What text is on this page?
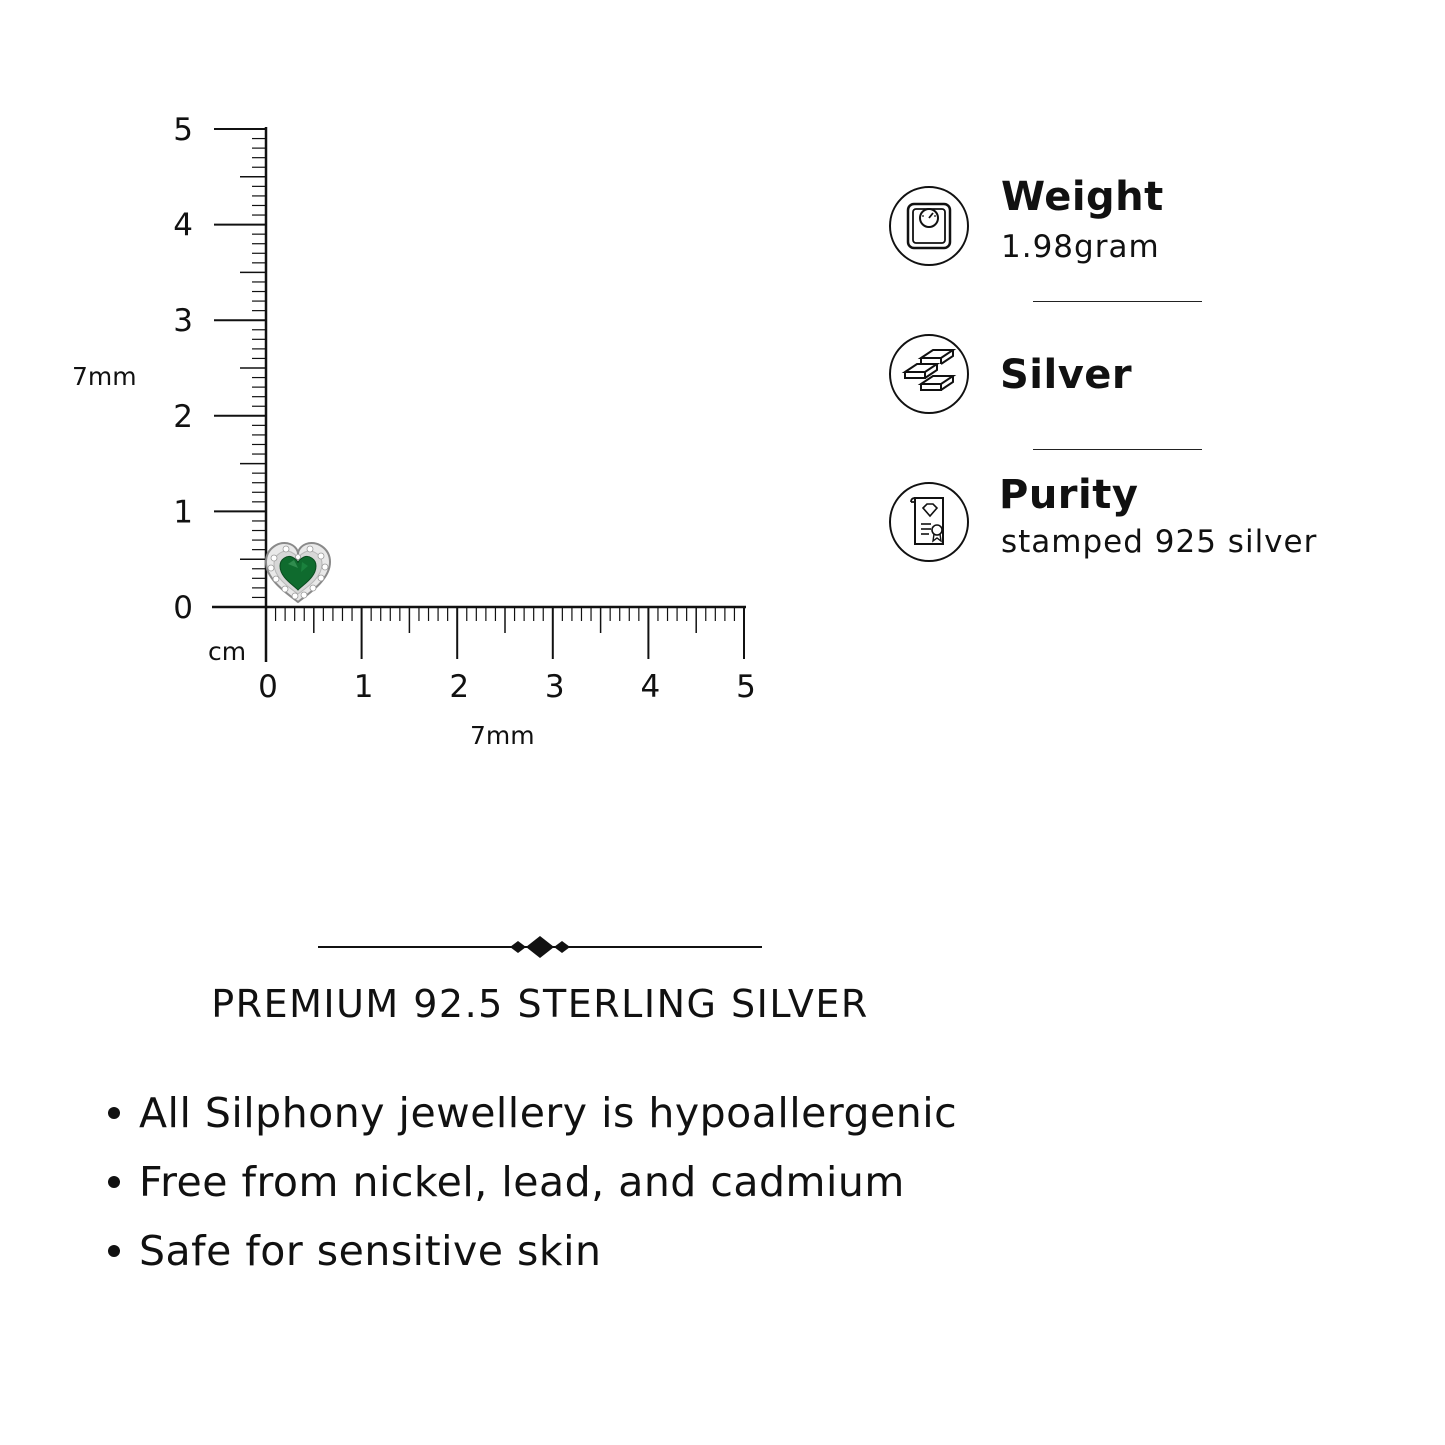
0
1
2
3
4
5
0 1 2 3 4 5
7mm
cm
7mm
Weight
1.98gram
Silver
Purity
stamped 925 silver
PREMIUM 92.5 STERLING SILVER
All Silphony jewellery is hypoallergenic
Free from nickel, lead, and cadmium
Safe for sensitive skin
